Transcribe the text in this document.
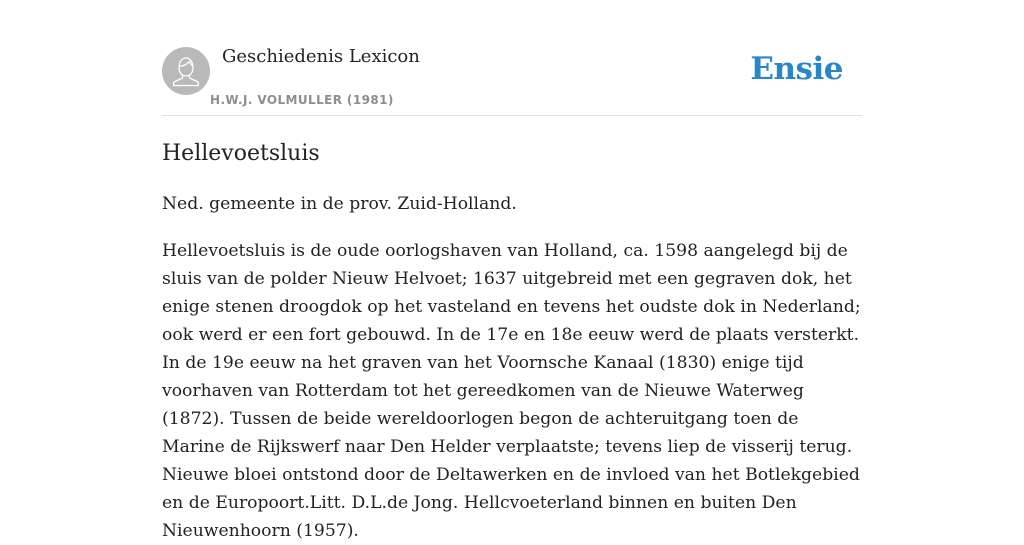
Geschiedenis Lexicon
H.W.J. VOLMULLER (1981)
Ensie
Hellevoetsluis

Ned. gemeente in de prov. Zuid-Holland.

Hellevoetsluis is de oude oorlogshaven van Holland, ca. 1598 aangelegd bij de sluis van de polder Nieuw Helvoet; 1637 uitgebreid met een gegraven dok, het enige stenen droogdok op het vasteland en tevens het oudste dok in Nederland; ook werd er een fort gebouwd. In de 17e en 18e eeuw werd de plaats versterkt. In de 19e eeuw na het graven van het Voornsche Kanaal (1830) enige tijd voorhaven van Rotterdam tot het gereedkomen van de Nieuwe Waterweg (1872). Tussen de beide wereldoorlogen begon de achteruitgang toen de Marine de Rijkswerf naar Den Helder verplaatste; tevens liep de visserij terug. Nieuwe bloei ontstond door de Deltawerken en de invloed van het Botlekgebied en de Europoort.Litt. D.L.de Jong. Hellcvoeterland binnen en buiten Den Nieuwenhoorn (1957).
